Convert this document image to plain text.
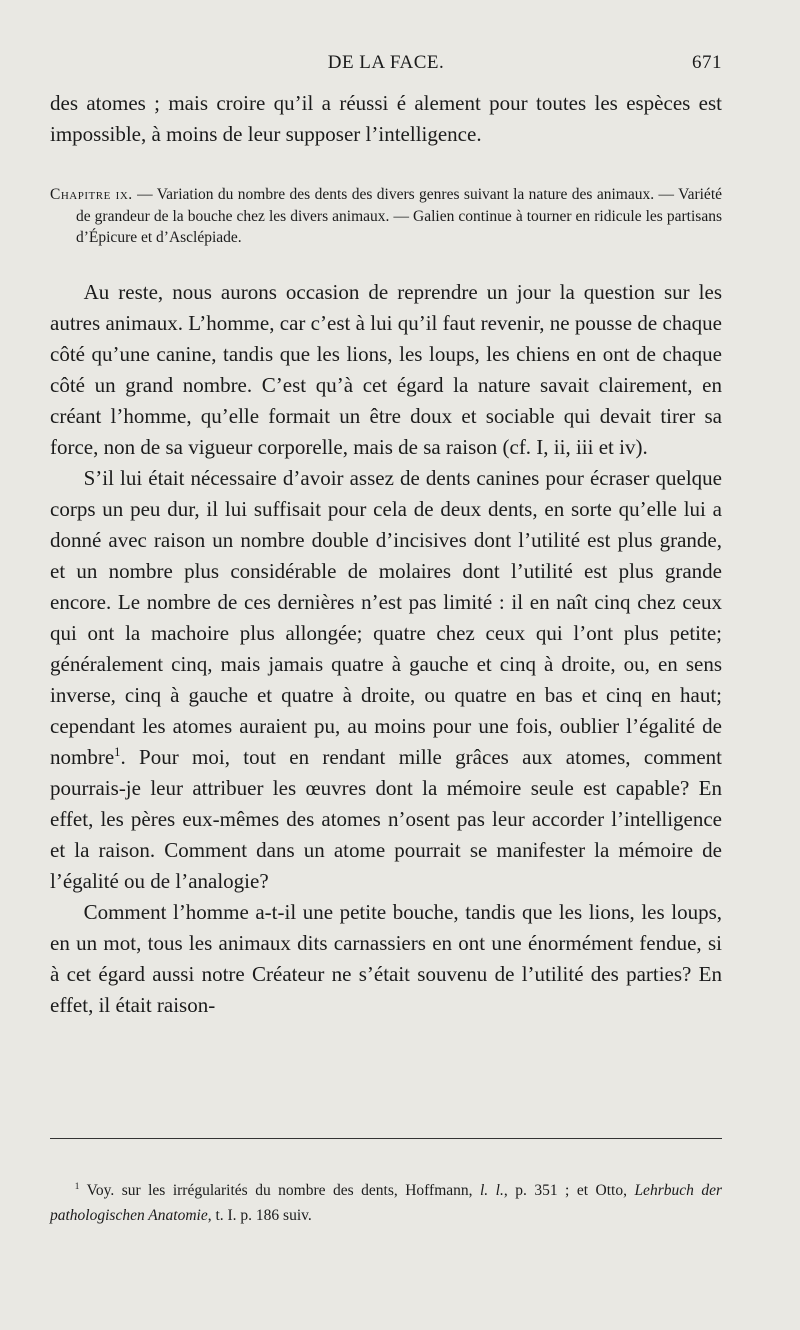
DE LA FACE.	671

des atomes ; mais croire qu’il a réussi é alement pour toutes les espèces est impossible, à moins de leur supposer l’intelligence.

Chapitre ix. — Variation du nombre des dents des divers genres suivant la nature des animaux. — Variété de grandeur de la bouche chez les divers animaux. — Galien continue à tourner en ridicule les partisans d’Épicure et d’Asclépiade.

Au reste, nous aurons occasion de reprendre un jour la question sur les autres animaux. L’homme, car c’est à lui qu’il faut revenir, ne pousse de chaque côté qu’une canine, tandis que les lions, les loups, les chiens en ont de chaque côté un grand nombre. C’est qu’à cet égard la nature savait clairement, en créant l’homme, qu’elle formait un être doux et sociable qui devait tirer sa force, non de sa vigueur corporelle, mais de sa raison (cf. I, ii, iii et iv).

S’il lui était nécessaire d’avoir assez de dents canines pour écraser quelque corps un peu dur, il lui suffisait pour cela de deux dents, en sorte qu’elle lui a donné avec raison un nombre double d’incisives dont l’utilité est plus grande, et un nombre plus considérable de molaires dont l’utilité est plus grande encore. Le nombre de ces dernières n’est pas limité : il en naît cinq chez ceux qui ont la machoire plus allongée; quatre chez ceux qui l’ont plus petite; généralement cinq, mais jamais quatre à gauche et cinq à droite, ou, en sens inverse, cinq à gauche et quatre à droite, ou quatre en bas et cinq en haut; cependant les atomes auraient pu, au moins pour une fois, oublier l’égalité de nombre$^1$. Pour moi, tout en rendant mille grâces aux atomes, comment pourrais-je leur attribuer les œuvres dont la mémoire seule est capable? En effet, les pères eux-mêmes des atomes n’osent pas leur accorder l’intelligence et la raison. Comment dans un atome pourrait se manifester la mémoire de l’égalité ou de l’analogie?

Comment l’homme a-t-il une petite bouche, tandis que les lions, les loups, en un mot, tous les animaux dits carnassiers en ont une énormément fendue, si à cet égard aussi notre Créateur ne s’était souvenu de l’utilité des parties? En effet, il était raison-

$^1$ Voy. sur les irrégularités du nombre des dents, Hoffmann, l. l., p. 351 ; et Otto, Lehrbuch der pathologischen Anatomie, t. I. p. 186 suiv.
